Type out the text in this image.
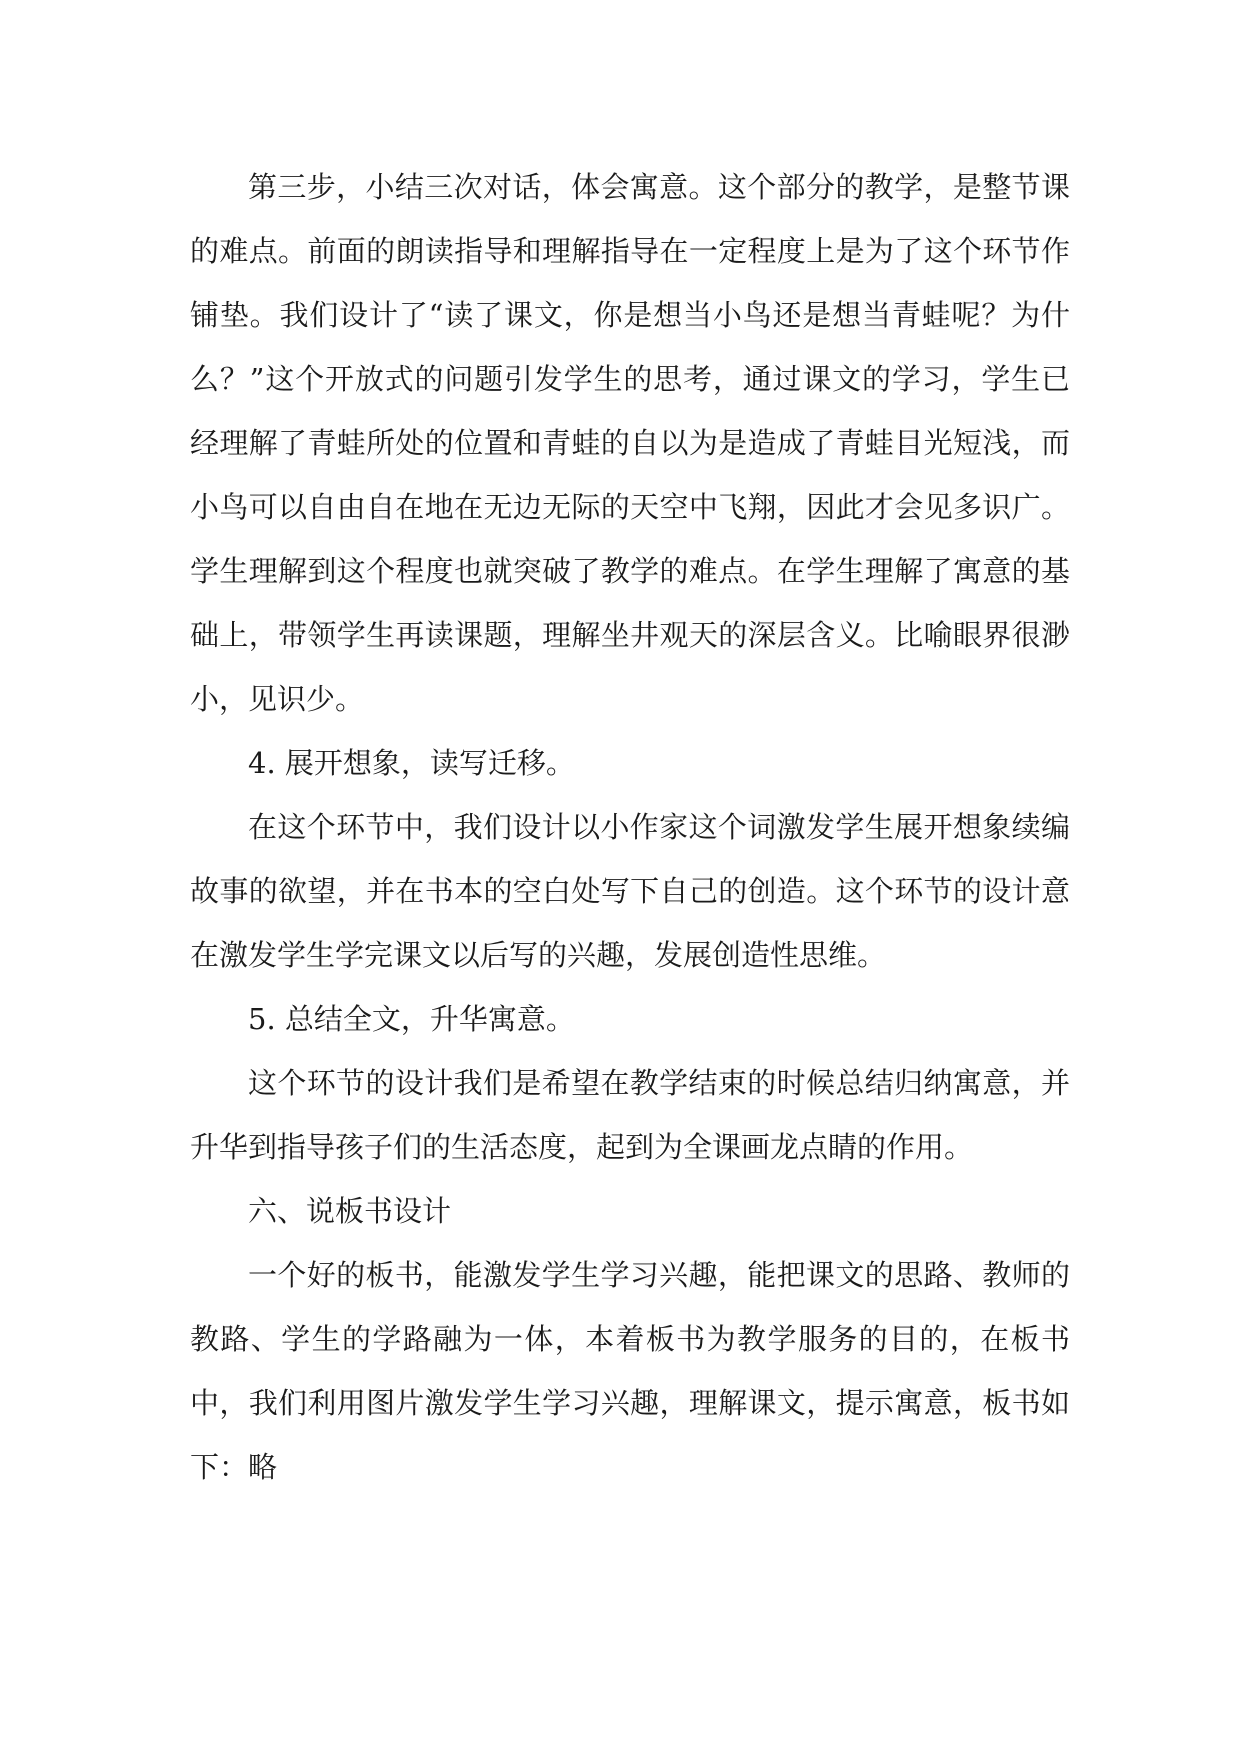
第三步，小结三次对话，体会寓意。这个部分的教学，是整节课的难点。前面的朗读指导和理解指导在一定程度上是为了这个环节作铺垫。我们设计了“读了课文，你是想当小鸟还是想当青蛙呢？为什么？”这个开放式的问题引发学生的思考，通过课文的学习，学生已经理解了青蛙所处的位置和青蛙的自以为是造成了青蛙目光短浅，而小鸟可以自由自在地在无边无际的天空中飞翔，因此才会见多识广。学生理解到这个程度也就突破了教学的难点。在学生理解了寓意的基础上，带领学生再读课题，理解坐井观天的深层含义。比喻眼界很渺小，见识少。

4. 展开想象，读写迁移。

在这个环节中，我们设计以小作家这个词激发学生展开想象续编故事的欲望，并在书本的空白处写下自己的创造。这个环节的设计意在激发学生学完课文以后写的兴趣，发展创造性思维。

5. 总结全文，升华寓意。

这个环节的设计我们是希望在教学结束的时候总结归纳寓意，并升华到指导孩子们的生活态度，起到为全课画龙点睛的作用。

六、说板书设计

一个好的板书，能激发学生学习兴趣，能把课文的思路、教师的教路、学生的学路融为一体，本着板书为教学服务的目的，在板书中，我们利用图片激发学生学习兴趣，理解课文，提示寓意，板书如下：略
